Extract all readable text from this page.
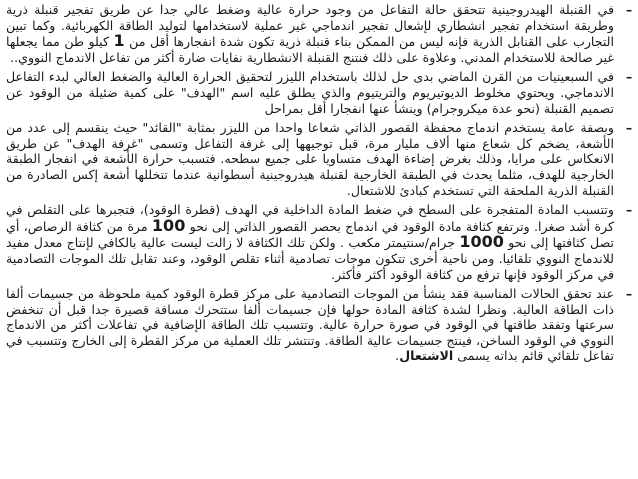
–
في القنبلة الهيدروجينية تتحقق حالة التفاعل من وجود حرارة عالية وضغط عالي جدا عن طريق تفجير قنبلة ذرية وطريقة استخدام تفجير انشطاري لإشعال تفجير اندماجي غير عملية لاستخدامها لتوليد الطاقة الكهربائية. وكما تبين التجارب على القنابل الذرية فإنه ليس من الممكن بناء قنبلة ذرية تكون شدة انفجارها أقل من 1 كيلو طن مما يجعلها غير صالحة للاستخدام المدني. وعلاوة على ذلك فنتنج القنبلة الانشطارية نفايات ضارة أكثر من تفاعل الاندماج النووي..
–
في السبعينيات من القرن الماضي بدى حل لذلك باستخدام الليزر لتحقيق الحرارة العالية والضغط العالي لبدء التفاعل الاندماجي. ويحتوي مخلوط الديوتيريوم والتريتيوم والذي يطلق عليه اسم "الهدف" على كمية ضئيلة من الوقود عن تصميم القنبلة (نحو عدة ميكروجرام) وينشأ عنها انفجارا أقل بمراحل
–
وبصفة عامة يستخدم اندماج محفظة القصور الذاتي شعاعا واحدا من الليزر بمثابة "القائد" حيث ينقسم إلى عدد من الأشعة، يضخم كل شعاع منها ألاف مليار مرة، قبل توجيهها إلى غرفة التفاعل وتسمى "غرفة الهدف" عن طريق الانعكاس على مرايا، وذلك بغرض إضاءة الهدف متساويا على جميع سطحه. فتسبب حرارة الأشعة في انفجار الطبقة الخارجية للهدف، مثلما يحدث في الطبقة الخارجية لقنبلة هيدروجينية أسطوانية عندما تتخللها أشعة إكس الصادرة من القنبلة الذرية الملحقة التي تستخدم كبادئ للاشتعال.
–
وتتسبب المادة المتفجرة على السطح في ضغط المادة الداخلية في الهدف (قطرة الوقود)، فتجبرها على التقلص في كرة أشد صغرا. وترتفع كثافة مادة الوقود في اندماج بحصر القصور الذاتي إلى نحو 100 مرة من كثافة الرصاص، أي تصل كثافتها إلى نحو 1000 جرام/سنتيمتر مكعب . ولكن تلك الكثافة لا زالت ليست عالية بالكافي لإنتاج معدل مفيد للاندماج النووي تلقائيا. ومن ناحية أخرى تتكون موجات تصادمية أثناء تقلص الوقود، وعند تقابل تلك الموجات التصادمية في مركز الوقود فإنها ترفع من كثافة الوقود أكثر فأكثر.
–
عند تحقق الحالات المناسبة فقد ينشأ من الموجات التصادمية على مركز قطرة الوقود كمية ملحوظة من جسيمات ألفا ذات الطاقة العالية. ونظرا لشدة كثافة المادة حولها فإن جسيمات ألفا ستتحرك مسافة قصيرة جدا قبل أن تنخفض سرعتها وتفقد طاقتها في الوقود في صورة حرارة عالية. وتتسبب تلك الطاقة الإضافية في تفاعلات أكثر من الاندماج النووي في الوقود الساخن، فينتج جسيمات عالية الطاقة. وتنتشر تلك العملية من مركز القطرة إلى الخارج وتتسبب في تفاعل تلقائي قائم بذاته يسمى الاشتعال.
